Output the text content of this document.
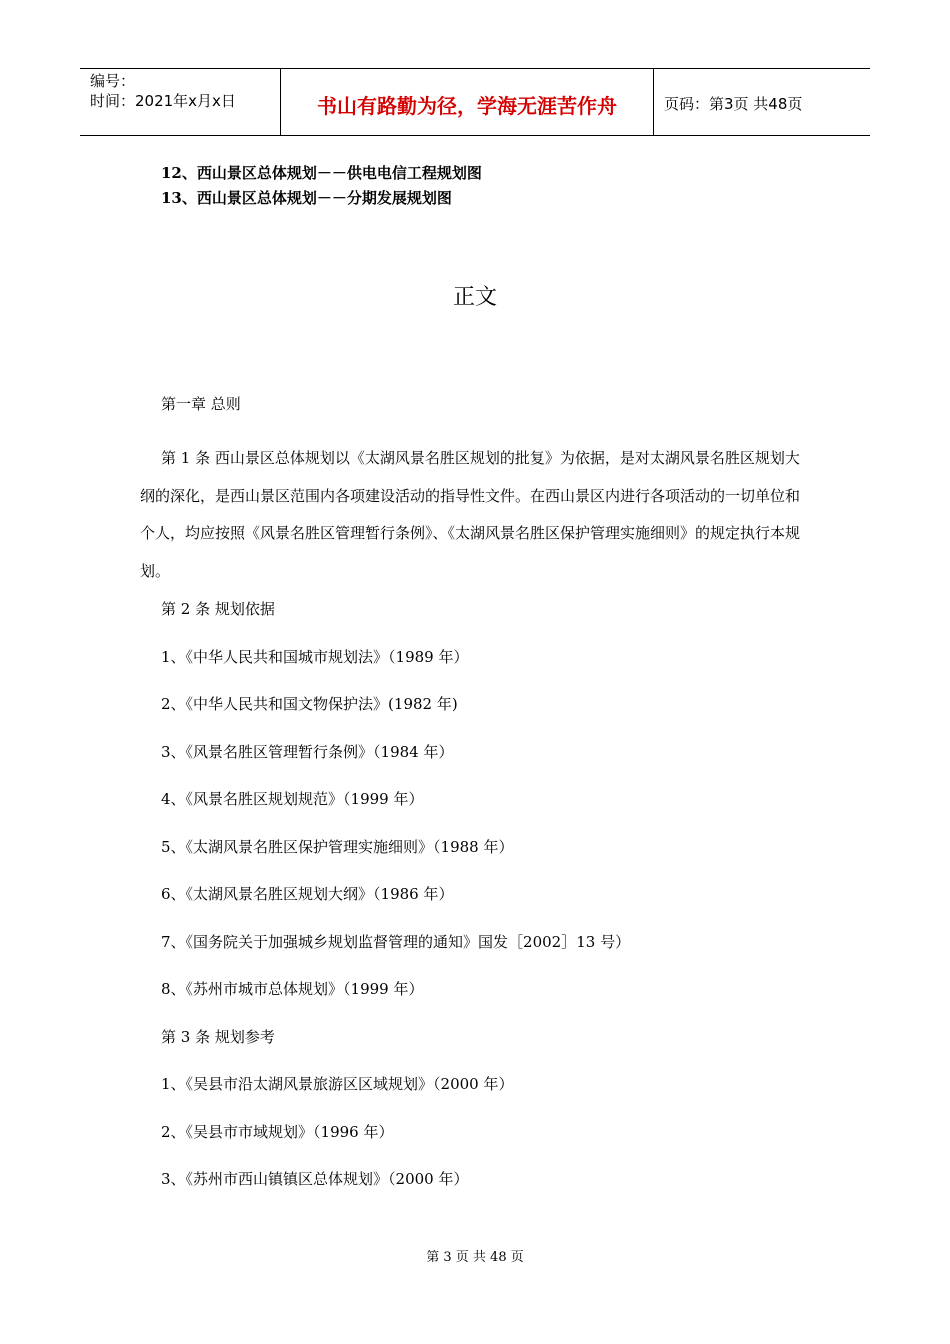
编号：
时间：2021年x月x日	书山有路勤为径，学海无涯苦作舟	页码：第3页 共48页
12、西山景区总体规划－－供电电信工程规划图
13、西山景区总体规划－－分期发展规划图
正文
第一章 总则
第 1 条 西山景区总体规划以《太湖风景名胜区规划的批复》为依据，是对太湖风景名胜区规划大纲的深化，是西山景区范围内各项建设活动的指导性文件。在西山景区内进行各项活动的一切单位和个人，均应按照《风景名胜区管理暂行条例》、《太湖风景名胜区保护管理实施细则》的规定执行本规划。
第 2 条 规划依据
1、《中华人民共和国城市规划法》（1989 年）
2、《中华人民共和国文物保护法》(1982 年)
3、《风景名胜区管理暂行条例》（1984 年）
4、《风景名胜区规划规范》（1999 年）
5、《太湖风景名胜区保护管理实施细则》（1988 年）
6、《太湖风景名胜区规划大纲》（1986 年）
7、《国务院关于加强城乡规划监督管理的通知》国发［2002］13 号）
8、《苏州市城市总体规划》（1999 年）
第 3 条 规划参考
1、《吴县市沿太湖风景旅游区区域规划》（2000 年）
2、《吴县市市域规划》（1996 年）
3、《苏州市西山镇镇区总体规划》（2000 年）
第 3 页 共 48 页
